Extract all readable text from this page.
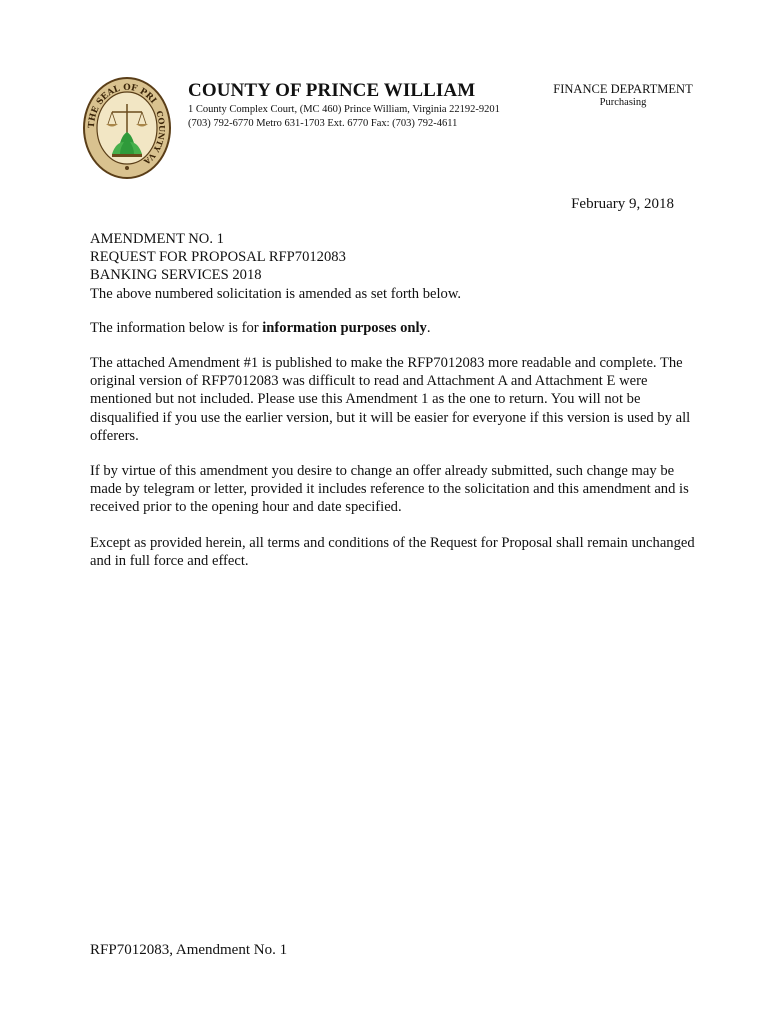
THE SEAL OF PRI
COUNTY VA
COUNTY OF PRINCE WILLIAM
1 County Complex Court, (MC 460) Prince William, Virginia 22192-9201
(703) 792-6770 Metro 631-1703 Ext. 6770 Fax: (703) 792-4611
FINANCE DEPARTMENT
Purchasing
February 9, 2018

AMENDMENT NO. 1
REQUEST FOR PROPOSAL RFP7012083
BANKING SERVICES 2018
The above numbered solicitation is amended as set forth below.

The information below is for information purposes only.

The attached Amendment #1 is published to make the RFP7012083 more readable and complete. The original version of RFP7012083 was difficult to read and Attachment A and Attachment E were mentioned but not included. Please use this Amendment 1 as the one to return. You will not be disqualified if you use the earlier version, but it will be easier for everyone if this version is used by all offerers.

If by virtue of this amendment you desire to change an offer already submitted, such change may be made by telegram or letter, provided it includes reference to the solicitation and this amendment and is received prior to the opening hour and date specified.

Except as provided herein, all terms and conditions of the Request for Proposal shall remain unchanged and in full force and effect.

RFP7012083, Amendment No. 1
